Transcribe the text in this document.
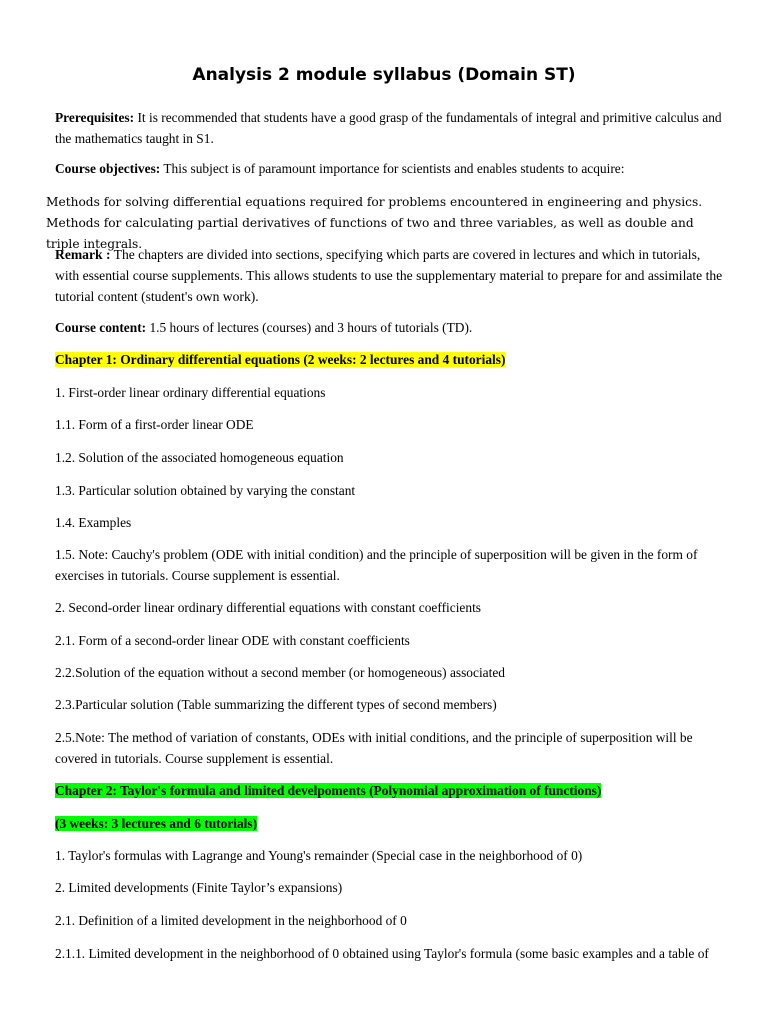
Analysis 2 module syllabus (Domain ST)

Prerequisites: It is recommended that students have a good grasp of the fundamentals of integral and primitive calculus and the mathematics taught in S1.

Course objectives: This subject is of paramount importance for scientists and enables students to acquire:

Methods for solving differential equations required for problems encountered in engineering and physics. Methods for calculating partial derivatives of functions of two and three variables, as well as double and triple integrals.

Remark : The chapters are divided into sections, specifying which parts are covered in lectures and which in tutorials, with essential course supplements. This allows students to use the supplementary material to prepare for and assimilate the tutorial content (student's own work).

Course content: 1.5 hours of lectures (courses) and 3 hours of tutorials (TD).

Chapter 1: Ordinary differential equations (2 weeks: 2 lectures and 4 tutorials)

1. First-order linear ordinary differential equations

1.1. Form of a first-order linear ODE

1.2. Solution of the associated homogeneous equation

1.3. Particular solution obtained by varying the constant

1.4. Examples

1.5. Note: Cauchy's problem (ODE with initial condition) and the principle of superposition will be given in the form of exercises in tutorials. Course supplement is essential.

2. Second-order linear ordinary differential equations with constant coefficients

2.1. Form of a second-order linear ODE with constant coefficients

2.2.Solution of the equation without a second member (or homogeneous) associated

2.3.Particular solution (Table summarizing the different types of second members)

2.5.Note: The method of variation of constants, ODEs with initial conditions, and the principle of superposition will be covered in tutorials. Course supplement is essential.

Chapter 2: Taylor's formula and limited develpoments (Polynomial approximation of functions)

(3 weeks: 3 lectures and 6 tutorials)

1. Taylor's formulas with Lagrange and Young's remainder (Special case in the neighborhood of 0)

2. Limited developments (Finite Taylor’s expansions)

2.1. Definition of a limited development in the neighborhood of 0

2.1.1. Limited development in the neighborhood of 0 obtained using Taylor's formula (some basic examples and a table of
